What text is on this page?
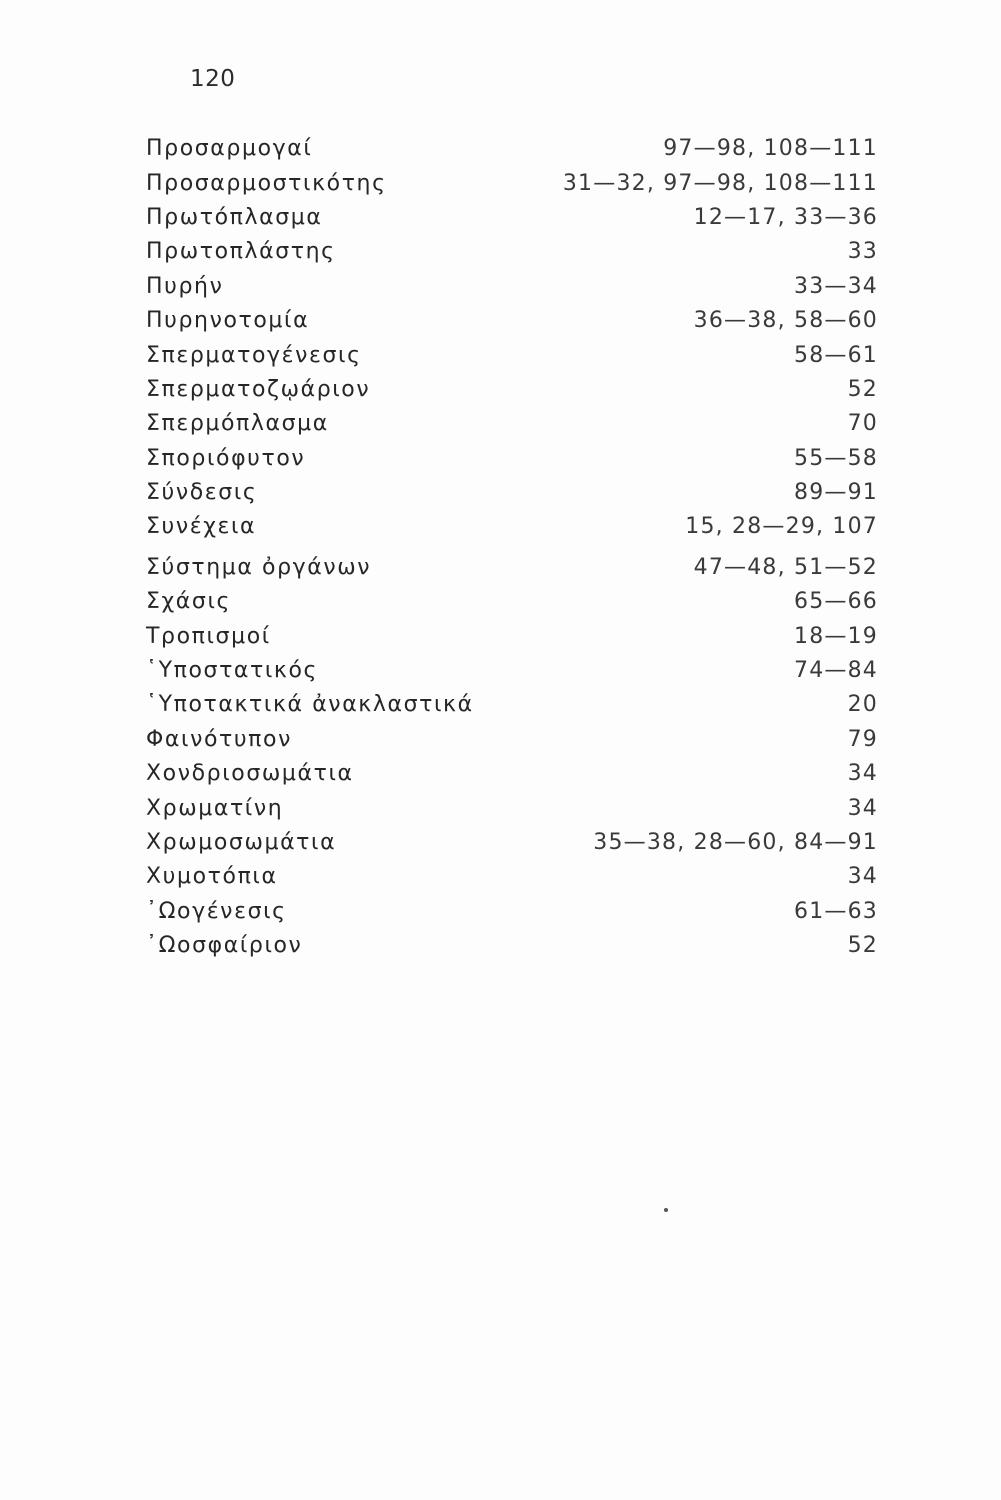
120
Προσαρμογαί	97—98, 108—111
Προσαρμοστικότης	31—32, 97—98, 108—111
Πρωτόπλασμα	12—17, 33—36
Πρωτοπλάστης	33
Πυρήν	33—34
Πυρηνοτομία	36—38, 58—60
Σπερματογένεσις	58—61
Σπερματοζῳάριον	52
Σπερμόπλασμα	70
Σποριόφυτον	55—58
Σύνδεσις	89—91
Συνέχεια	15, 28—29, 107
Σύστημα ὀργάνων	47—48, 51—52
Σχάσις	65—66
Τροπισμοί	18—19
῾Υποστατικός	74—84
῾Υποτακτικά ἀνακλαστικά	20
Φαινότυπον	79
Χονδριοσωμάτια	34
Χρωματίνη	34
Χρωμοσωμάτια	35—38, 28—60, 84—91
Χυμοτόπια	34
᾿Ωογένεσις	61—63
᾿Ωοσφαίριον	52
